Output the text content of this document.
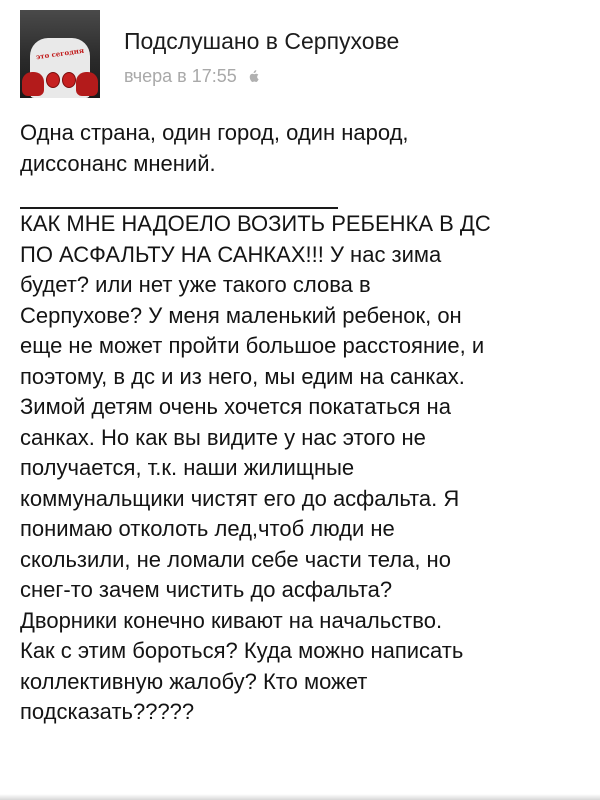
это сегодня Подслушано в Серпухове
вчера в 17:55

Одна страна, один город, один народ,
диссонанс мнений.

КАК МНЕ НАДОЕЛО ВОЗИТЬ РЕБЕНКА В ДС
ПО АСФАЛЬТУ НА САНКАХ!!! У нас зима
будет? или нет уже такого слова в
Серпухове? У меня маленький ребенок, он
еще не может пройти большое расстояние, и
поэтому, в дс и из него, мы едим на санках.
Зимой детям очень хочется покататься на
санках. Но как вы видите у нас этого не
получается, т.к. наши жилищные
коммунальщики чистят его до асфальта. Я
понимаю отколоть лед,чтоб люди не
скользили, не ломали себе части тела, но
снег-то зачем чистить до асфальта?
Дворники конечно кивают на начальство.
Как с этим бороться? Куда можно написать
коллективную жалобу? Кто может
подсказать?????
